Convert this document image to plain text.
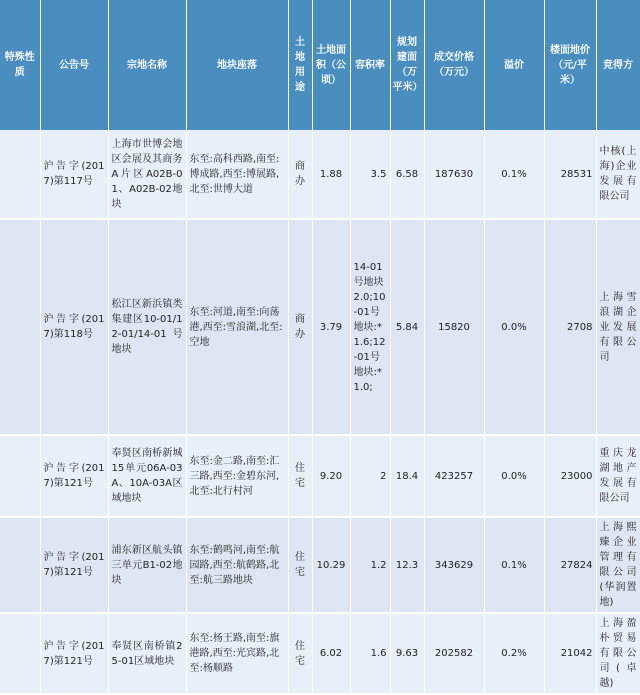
特殊性质	公告号	宗地名称	地块座落	土地用途	土地面积（公顷）	容积率	规划建面（万平米）	成交价格（万元）	溢价	楼面地价（元/平米）	竞得方
	沪告字(2017)第117号	上海市世博会地区会展及其商务A片区A02B-01、A02B-02地块	东至:高科西路,南至:博成路,西至:博展路,北至:世博大道	商办	1.88	3.5	6.58	187630	0.1%	28531	中核(上海)企业发展有限公司
	沪告字(2017)第118号	松江区新浜镇类集建区10-01/12-01/14-01号地块	东至:河道,南至:向荡港,西至:雪浪湖,北至:空地	商办	3.79	14-01号地块2.0;10-01号地块:*1.6;12-01号地块:*1.0;	5.84	15820	0.0%	2708	上海雪浪湖企业发展有限公司
	沪告字(2017)第121号	奉贤区南桥新城15单元06A-03A、10A-03A区域地块	东至:金二路,南至:汇三路,西至:金碧东河,北至:北行村河	住宅	9.20	2	18.4	423257	0.0%	23000	重庆龙湖地产发展有限公司
	沪告字(2017)第121号	浦东新区航头镇三单元B1-02地块	东至:鹤鸣河,南至:航园路,西至:航鹤路,北至:航三路地块	住宅	10.29	1.2	12.3	343629	0.1%	27824	上海熙臻企业管理有限公司(华润置地)
	沪告字(2017)第121号	奉贤区南桥镇25-01区域地块	东至:杨王路,南至:旗港路,西至:光宾路,北至:杨顺路	住宅	6.02	1.6	9.63	202582	0.2%	21042	上海盈朴贸易有限公司(卓越)
